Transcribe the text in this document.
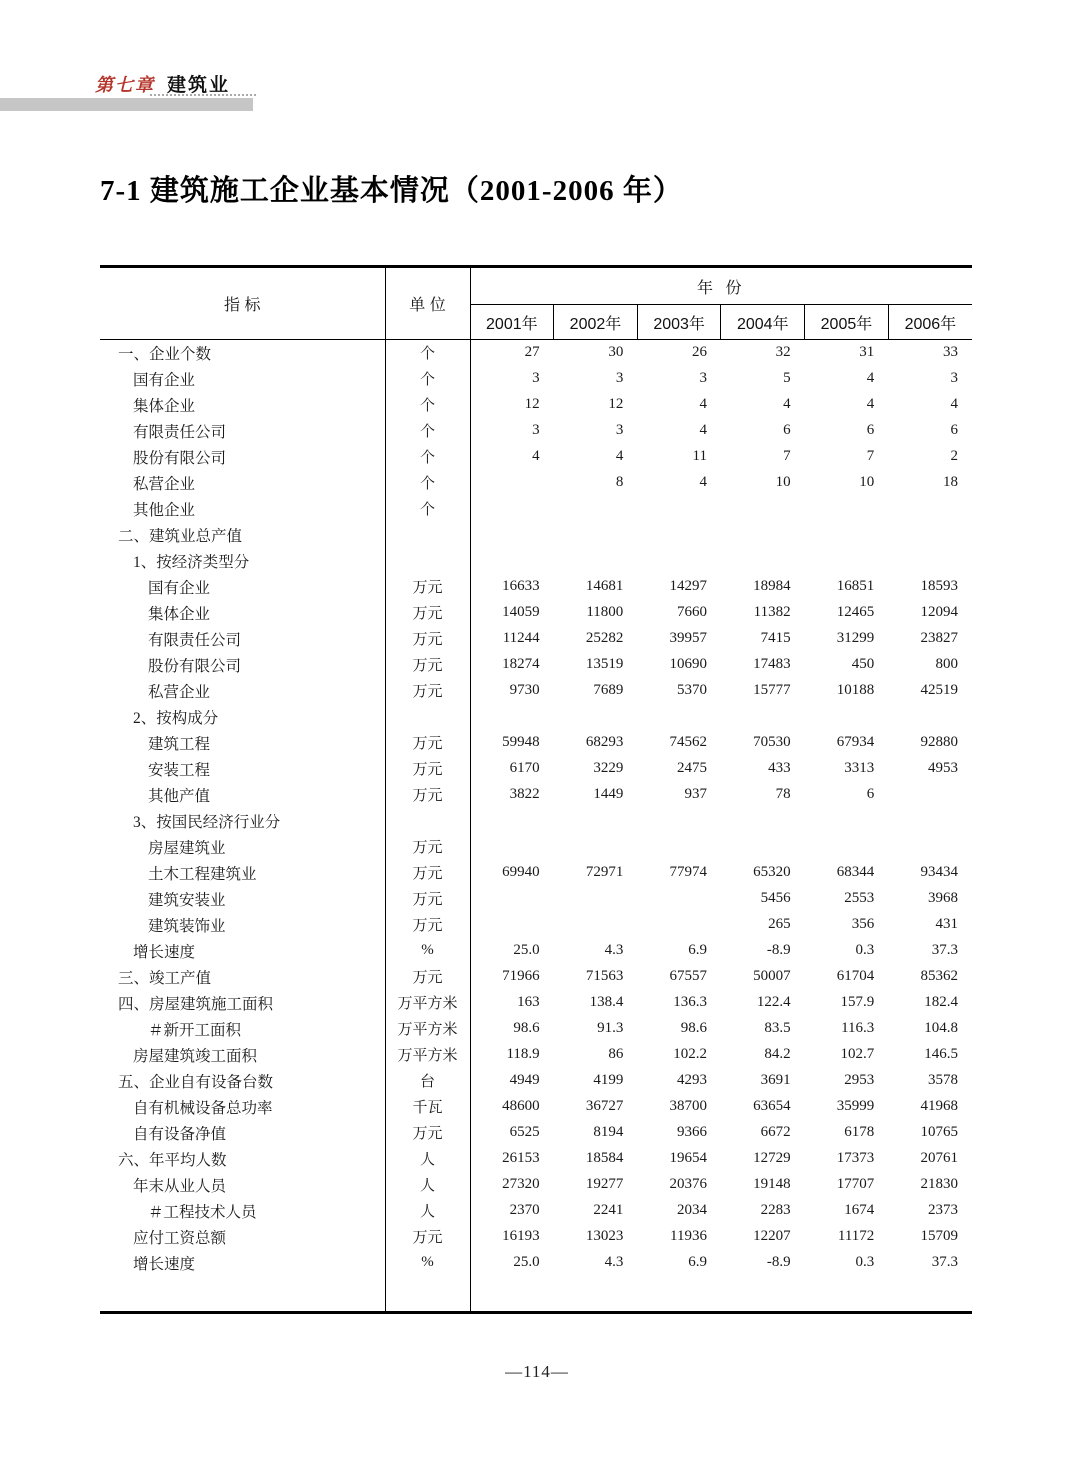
第七章 建筑业
7-1 建筑施工企业基本情况（2001-2006 年）
指 标	单 位	年 份					
		2001年	2002年	2003年	2004年	2005年	2006年
一、企业个数	个	27	30	26	32	31	33
国有企业	个	3	3	3	5	4	3
集体企业	个	12	12	4	4	4	4
有限责任公司	个	3	3	4	6	6	6
股份有限公司	个	4	4	11	7	7	2
私营企业	个		8	4	10	10	18
其他企业	个						
二、建筑业总产值							
1、按经济类型分							
国有企业	万元	16633	14681	14297	18984	16851	18593
集体企业	万元	14059	11800	7660	11382	12465	12094
有限责任公司	万元	11244	25282	39957	7415	31299	23827
股份有限公司	万元	18274	13519	10690	17483	450	800
私营企业	万元	9730	7689	5370	15777	10188	42519
2、按构成分							
建筑工程	万元	59948	68293	74562	70530	67934	92880
安装工程	万元	6170	3229	2475	433	3313	4953
其他产值	万元	3822	1449	937	78	6	
3、按国民经济行业分							
房屋建筑业	万元						
土木工程建筑业	万元	69940	72971	77974	65320	68344	93434
建筑安装业	万元				5456	2553	3968
建筑装饰业	万元				265	356	431
增长速度	%	25.0	4.3	6.9	-8.9	0.3	37.3
三、竣工产值	万元	71966	71563	67557	50007	61704	85362
四、房屋建筑施工面积	万平方米	163	138.4	136.3	122.4	157.9	182.4
＃新开工面积	万平方米	98.6	91.3	98.6	83.5	116.3	104.8
房屋建筑竣工面积	万平方米	118.9	86	102.2	84.2	102.7	146.5
五、企业自有设备台数	台	4949	4199	4293	3691	2953	3578
自有机械设备总功率	千瓦	48600	36727	38700	63654	35999	41968
自有设备净值	万元	6525	8194	9366	6672	6178	10765
六、年平均人数	人	26153	18584	19654	12729	17373	20761
年末从业人员	人	27320	19277	20376	19148	17707	21830
＃工程技术人员	人	2370	2241	2034	2283	1674	2373
应付工资总额	万元	16193	13023	11936	12207	11172	15709
增长速度	%	25.0	4.3	6.9	-8.9	0.3	37.3

—114—
